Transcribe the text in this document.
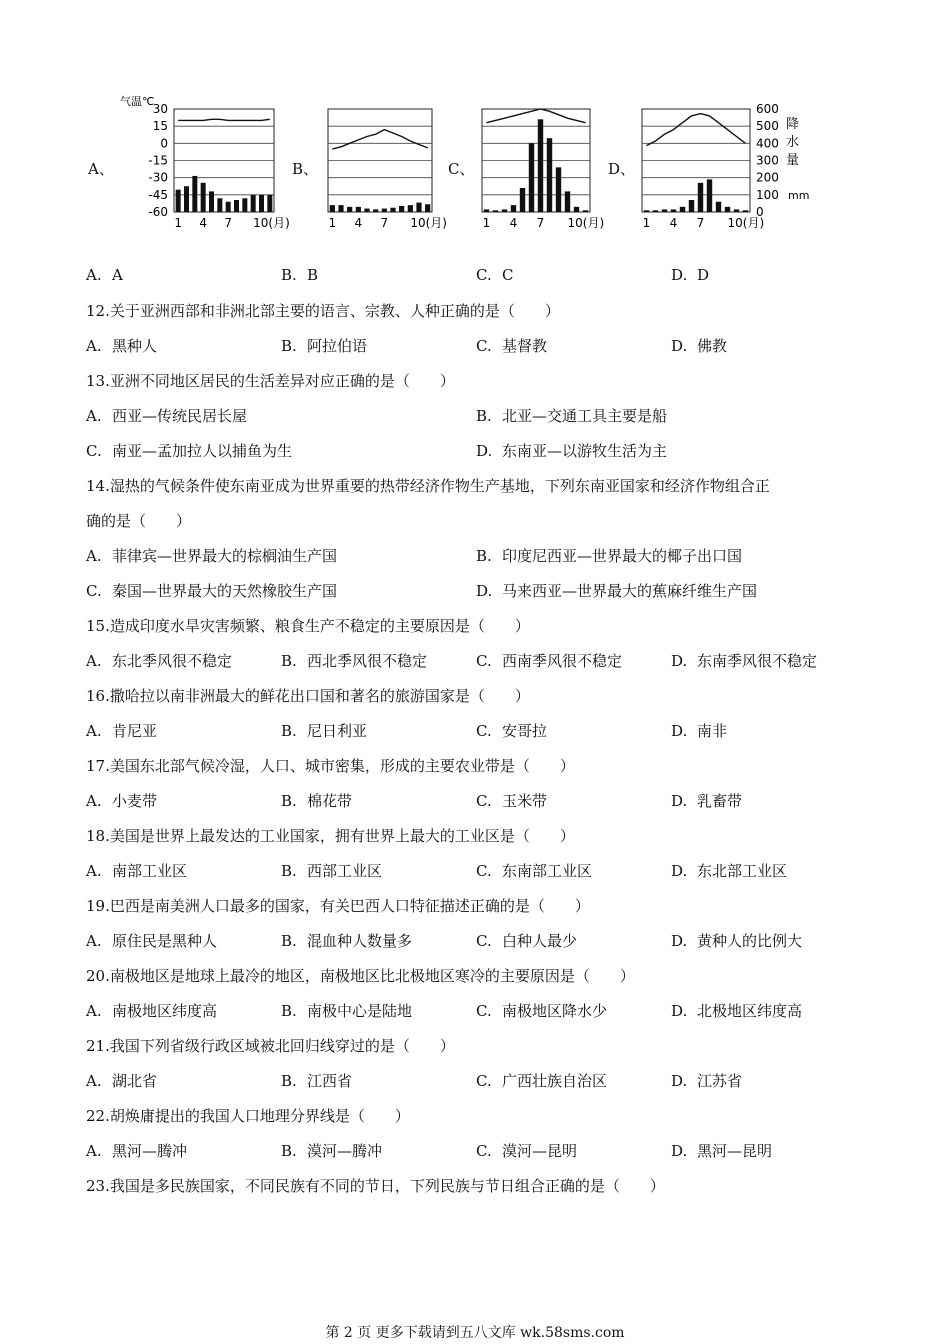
A、	B、	C、	D、
气温℃
30
15
0
-15
-30
-45
-60
600
500
400
300
200
100
0
降
水
量
mm
1 4 7 10(月)	1 4 7 10(月)	1 4 7 10(月)	1 4 7 10(月)
第 2 页 更多下载请到五八文库 wk.58sms.com
A. A	B. B	C. C	D. D
12.关于亚洲西部和非洲北部主要的语言、宗教、人种正确的是（　　）
A. 黑种人	B. 阿拉伯语	C. 基督教	D. 佛教
13.亚洲不同地区居民的生活差异对应正确的是（　　）
A. 西亚—传统民居长屋	B. 北亚—交通工具主要是船
C. 南亚—孟加拉人以捕鱼为生	D. 东南亚—以游牧生活为主
14.湿热的气候条件使东南亚成为世界重要的热带经济作物生产基地，下列东南亚国家和经济作物组合正
确的是（　　）
A. 菲律宾—世界最大的棕榈油生产国	B. 印度尼西亚—世界最大的椰子出口国
C. 秦国—世界最大的天然橡胶生产国	D. 马来西亚—世界最大的蕉麻纤维生产国
15.造成印度水旱灾害频繁、粮食生产不稳定的主要原因是（　　）
A. 东北季风很不稳定	B. 西北季风很不稳定	C. 西南季风很不稳定	D. 东南季风很不稳定
16.撒哈拉以南非洲最大的鲜花出口国和著名的旅游国家是（　　）
A. 肯尼亚	B. 尼日利亚	C. 安哥拉	D. 南非
17.美国东北部气候冷湿，人口、城市密集，形成的主要农业带是（　　）
A. 小麦带	B. 棉花带	C. 玉米带	D. 乳畜带
18.美国是世界上最发达的工业国家，拥有世界上最大的工业区是（　　）
A. 南部工业区	B. 西部工业区	C. 东南部工业区	D. 东北部工业区
19.巴西是南美洲人口最多的国家，有关巴西人口特征描述正确的是（　　）
A. 原住民是黑种人	B. 混血种人数量多	C. 白种人最少	D. 黄种人的比例大
20.南极地区是地球上最冷的地区，南极地区比北极地区寒冷的主要原因是（　　）
A. 南极地区纬度高	B. 南极中心是陆地	C. 南极地区降水少	D. 北极地区纬度高
21.我国下列省级行政区域被北回归线穿过的是（　　）
A. 湖北省	B. 江西省	C. 广西壮族自治区	D. 江苏省
22.胡焕庸提出的我国人口地理分界线是（　　）
A. 黑河—腾冲	B. 漠河—腾冲	C. 漠河—昆明	D. 黑河—昆明
23.我国是多民族国家，不同民族有不同的节日，下列民族与节日组合正确的是（　　）
